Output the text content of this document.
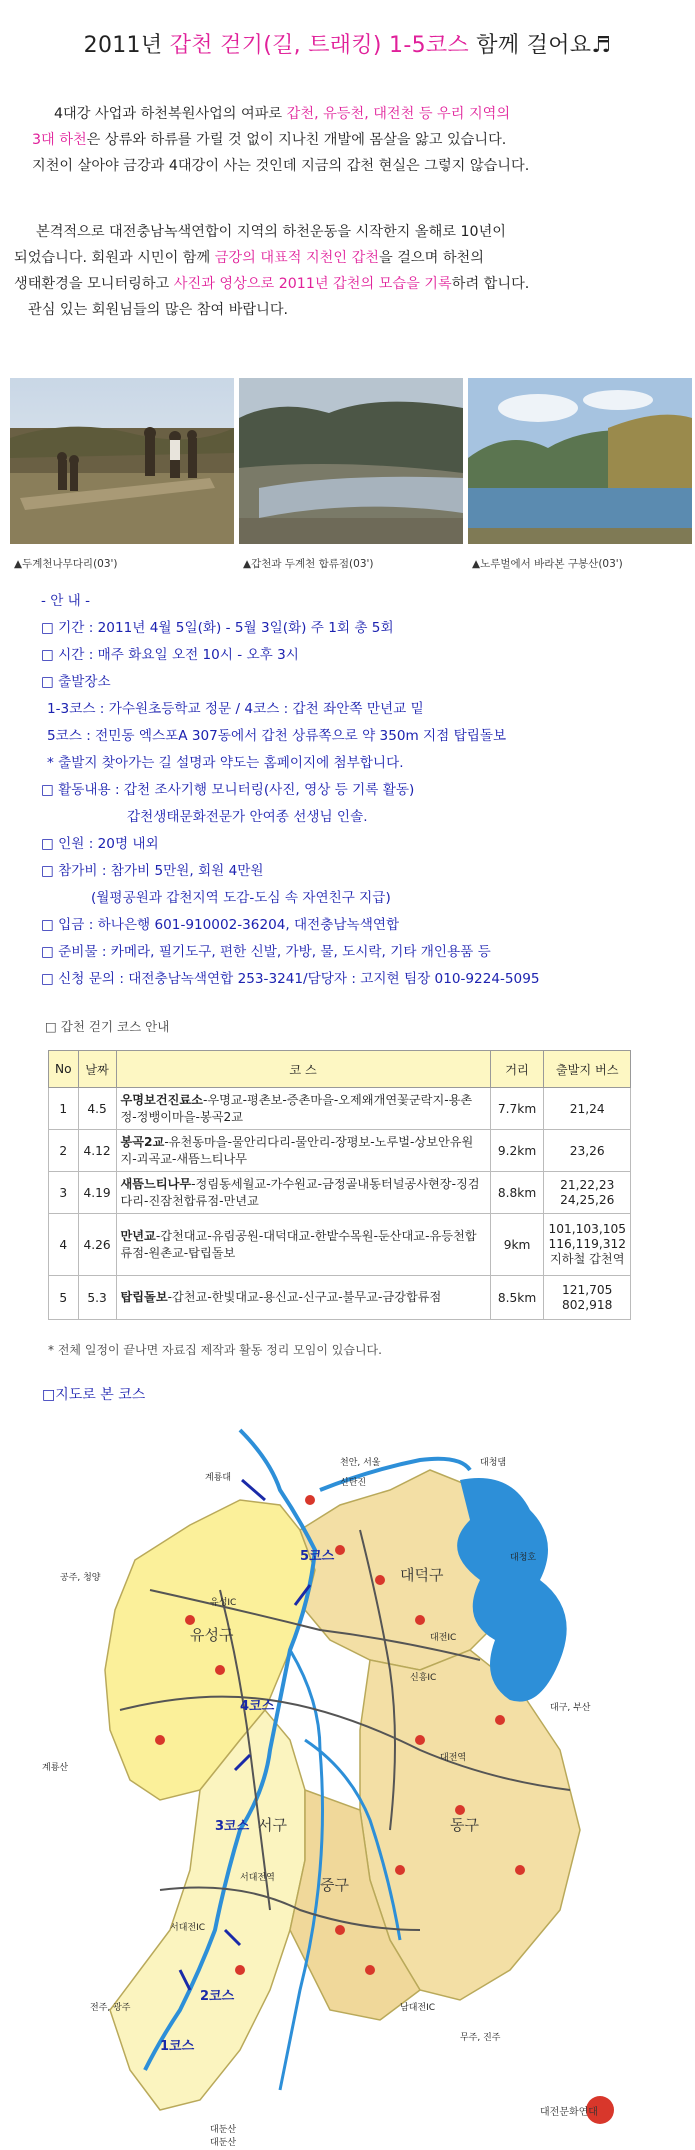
2011년 갑천 걷기(길, 트래킹) 1-5코스 함께 걸어요♬

4대강 사업과 하천복원사업의 여파로 갑천, 유등천, 대전천 등 우리 지역의

3대 하천은 상류와 하류를 가릴 것 없이 지나친 개발에 몸살을 앓고 있습니다.

지천이 살아야 금강과 4대강이 사는 것인데 지금의 갑천 현실은 그렇지 않습니다.

본격적으로 대전충남녹색연합이 지역의 하천운동을 시작한지 올해로 10년이

되었습니다. 회원과 시민이 함께 금강의 대표적 지천인 갑천을 걸으며 하천의

생태환경을 모니터링하고 사진과 영상으로 2011년 갑천의 모습을 기록하려 합니다.

관심 있는 회원님들의 많은 참여 바랍니다.

▲두계천나무다리(03')	▲갑천과 두계천 합류점(03')	▲노루벌에서 바라본 구봉산(03')
- 안 내 -
□ 기간 : 2011년 4월 5일(화) - 5월 3일(화) 주 1회 총 5회
□ 시간 : 매주 화요일 오전 10시 - 오후 3시
□ 출발장소
1-3코스 : 가수원초등학교 정문 / 4코스 : 갑천 좌안쪽 만년교 밑
5코스 : 전민동 엑스포A 307동에서 갑천 상류쪽으로 약 350m 지점 탑립돌보
* 출발지 찾아가는 길 설명과 약도는 홈페이지에 첨부합니다.
□ 활동내용 : 갑천 조사기행 모니터링(사진, 영상 등 기록 활동)
갑천생태문화전문가 안여종 선생님 인솔.
□ 인원 : 20명 내외
□ 참가비 : 참가비 5만원, 회원 4만원
(월평공원과 갑천지역 도감-도심 속 자연친구 지급)
□ 입금 : 하나은행 601-910002-36204, 대전충남녹색연합
□ 준비물 : 카메라, 필기도구, 편한 신발, 가방, 물, 도시락, 기타 개인용품 등
□ 신청 문의 : 대전충남녹색연합 253-3241/담당자 : 고지현 팀장 010-9224-5095
□ 갑천 걷기 코스 안내
No	날짜	코 스	거리	출발지 버스
1	4.5	우명보건진료소-우명교-평촌보-증촌마을-오제왜개연꽃군락지-용촌정-정뱅이마을-봉곡2교	7.7km	21,24
2	4.12	봉곡2교-유천동마을-물안리다리-물안리-장평보-노루벌-상보안유원지-괴곡교-새뜸느티나무	9.2km	23,26
3	4.19	새뜸느티나무-정림동세월교-가수원교-금정골내동터널공사현장-징검다리-진잠천합류점-만년교	8.8km	21,22,23
24,25,26
4	4.26	만년교-갑천대교-유림공원-대덕대교-한밭수목원-둔산대교-유등천합류점-원촌교-탑립돌보	9km	101,103,105
116,119,312
지하철 갑천역
5	5.3	탑립돌보-갑천교-한빛대교-용신교-신구교-불무교-금강합류점	8.5km	121,705
802,918
* 전체 일정이 끝나면 자료집 제작과 활동 정리 모임이 있습니다.
□지도로 본 코스
유성구
대덕구
서구	동구
중구
1코스
2코스
3코스
4코스
5코스
계룡산
대둔산
계룡대	신탄진
대청댐
대전역
대전IC
유성IC
서대전역
대청호
신흥IC
서대전IC
남대전IC
천안, 서울
공주, 청양
대구, 부산
무주, 진주
전주, 광주
대둔산
대전문화연대
